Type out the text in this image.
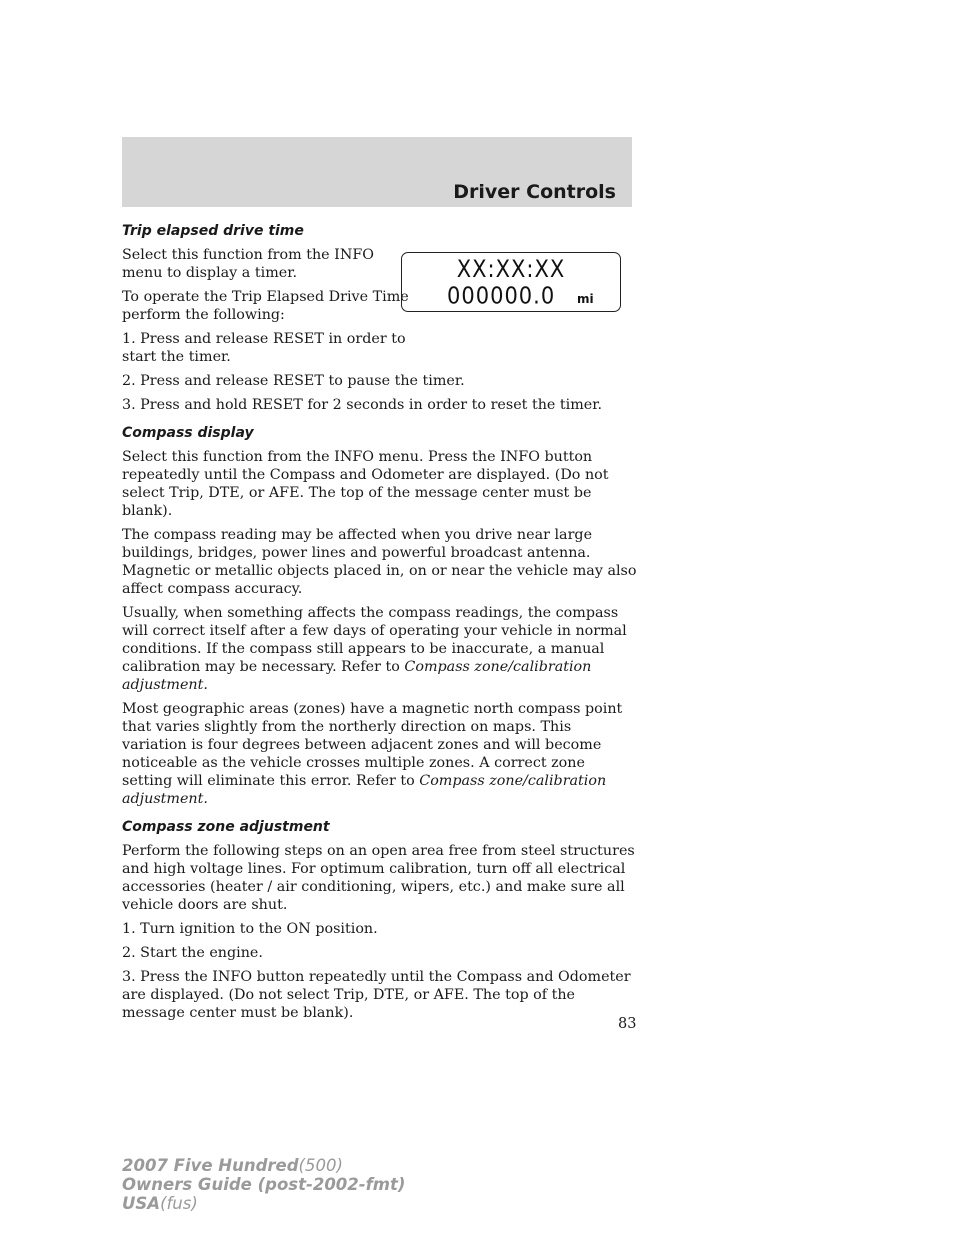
Driver Controls
XX:XX:XX
000000.0 mi
Trip elapsed drive time

Select this function from the INFO menu to display a timer.

To operate the Trip Elapsed Drive Time perform the following:

1. Press and release RESET in order to start the timer.

2. Press and release RESET to pause the timer.

3. Press and hold RESET for 2 seconds in order to reset the timer.

Compass display

Select this function from the INFO menu. Press the INFO button repeatedly until the Compass and Odometer are displayed. (Do not select Trip, DTE, or AFE. The top of the message center must be blank).

The compass reading may be affected when you drive near large buildings, bridges, power lines and powerful broadcast antenna. Magnetic or metallic objects placed in, on or near the vehicle may also affect compass accuracy.

Usually, when something affects the compass readings, the compass will correct itself after a few days of operating your vehicle in normal conditions. If the compass still appears to be inaccurate, a manual calibration may be necessary. Refer to Compass zone/calibration adjustment.

Most geographic areas (zones) have a magnetic north compass point that varies slightly from the northerly direction on maps. This variation is four degrees between adjacent zones and will become noticeable as the vehicle crosses multiple zones. A correct zone setting will eliminate this error. Refer to Compass zone/calibration adjustment.

Compass zone adjustment

Perform the following steps on an open area free from steel structures and high voltage lines. For optimum calibration, turn off all electrical accessories (heater / air conditioning, wipers, etc.) and make sure all vehicle doors are shut.

1. Turn ignition to the ON position.

2. Start the engine.

3. Press the INFO button repeatedly until the Compass and Odometer are displayed. (Do not select Trip, DTE, or AFE. The top of the message center must be blank).

83
2007 Five Hundred(500)
Owners Guide (post-2002-fmt)
USA(fus)
